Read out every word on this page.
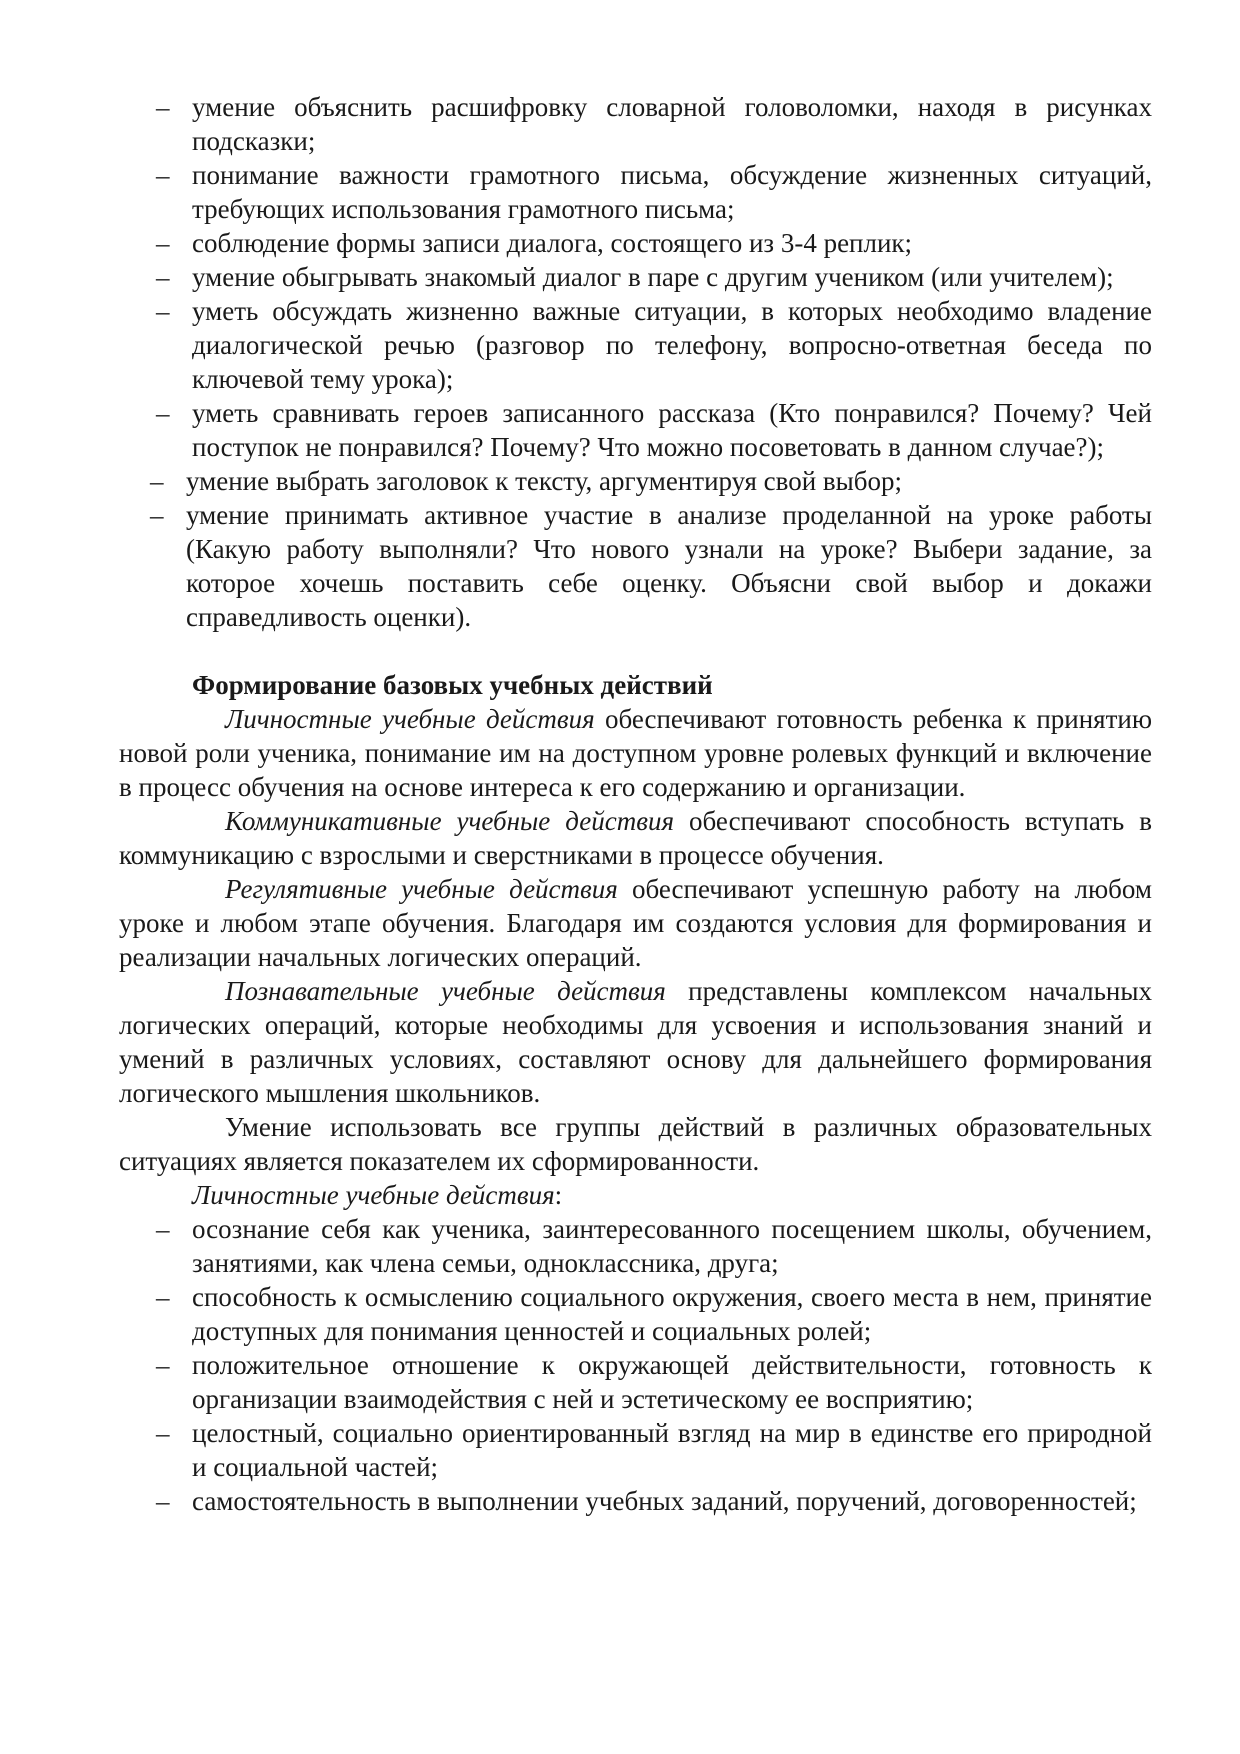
– умение объяснить расшифровку словарной головоломки, находя в рисунках подсказки;
– понимание важности грамотного письма, обсуждение жизненных ситуаций, требующих использования грамотного письма;
– соблюдение формы записи диалога, состоящего из 3-4 реплик;
– умение обыгрывать знакомый диалог в паре с другим учеником (или учителем);
– уметь обсуждать жизненно важные ситуации, в которых необходимо владение диалогической речью (разговор по телефону, вопросно-ответная беседа по ключевой тему урока);
– уметь сравнивать героев записанного рассказа (Кто понравился? Почему? Чей поступок не понравился? Почему? Что можно посоветовать в данном случае?);
– умение выбрать заголовок к тексту, аргументируя свой выбор;
– умение принимать активное участие в анализе проделанной на уроке работы (Какую работу выполняли? Что нового узнали на уроке? Выбери задание, за которое хочешь поставить себе оценку. Объясни свой выбор и докажи справедливость оценки).

Формирование базовых учебных действий

Личностные учебные действия обеспечивают готовность ребенка к принятию новой роли ученика, понимание им на доступном уровне ролевых функций и включение в процесс обучения на основе интереса к его содержанию и организации.

Коммуникативные учебные действия обеспечивают способность вступать в коммуникацию с взрослыми и сверстниками в процессе обучения.

Регулятивные учебные действия обеспечивают успешную работу на любом уроке и любом этапе обучения. Благодаря им создаются условия для формирования и реализации начальных логических операций.

Познавательные учебные действия представлены комплексом начальных логических операций, которые необходимы для усвоения и использования знаний и умений в различных условиях, составляют основу для дальнейшего формирования логического мышления школьников.

Умение использовать все группы действий в различных образовательных ситуациях является показателем их сформированности.

Личностные учебные действия:

– осознание себя как ученика, заинтересованного посещением школы, обучением, занятиями, как члена семьи, одноклассника, друга;
– способность к осмыслению социального окружения, своего места в нем, принятие доступных для понимания ценностей и социальных ролей;
– положительное отношение к окружающей действительности, готовность к организации взаимодействия с ней и эстетическому ее восприятию;
– целостный, социально ориентированный взгляд на мир в единстве его природной и социальной частей;
– самостоятельность в выполнении учебных заданий, поручений, договоренностей;
